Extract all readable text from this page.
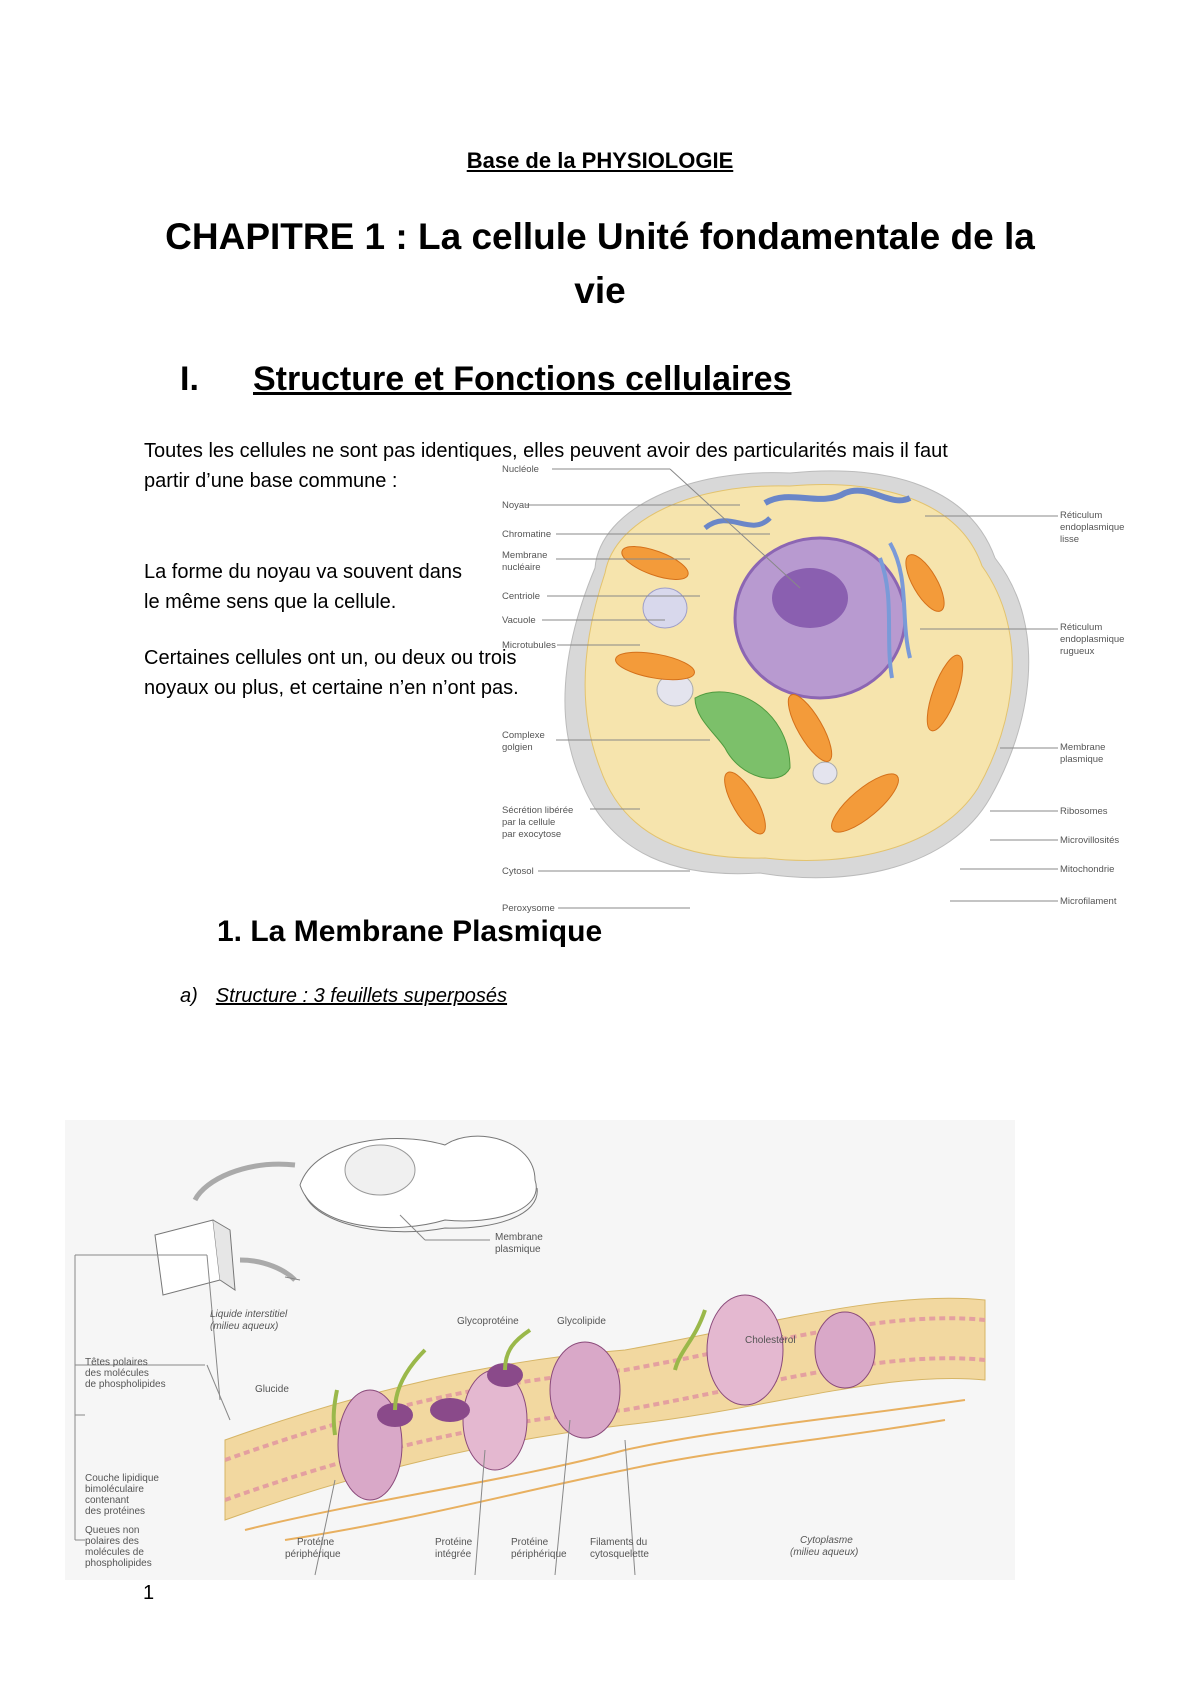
Base de la PHYSIOLOGIE
CHAPITRE 1 : La cellule Unité fondamentale de la
vie
I. Structure et Fonctions cellulaires
Toutes les cellules ne sont pas identiques, elles peuvent avoir des particularités mais il faut
partir d’une base commune :
Nucléole
Noyau
Chromatine
Membrane
nucléaire
Centriole
Vacuole
Microtubules
Complexe
golgien
Sécrétion libérée
par la cellule
par exocytose
Cytosol
Peroxysome
Réticulum
endoplasmique
lisse
Réticulum
endoplasmique
rugueux
Membrane
plasmique
Ribosomes
Microvillosités
Mitochondrie
Microfilament
La forme du noyau va souvent dans
le même sens que la cellule.
Certaines cellules ont un, ou deux ou trois
noyaux ou plus, et certaine n’en n’ont pas.
1. La Membrane Plasmique
a) Structure : 3 feuillets superposés
Membrane
plasmique
Liquide interstitiel
(milieu aqueux)	Glycoprotéine	Glycolipide
Cholestérol
Têtes polaires
des molécules
de phospholipides	Glucide
Couche lipidique
bimoléculaire
contenant
des protéines
Queues non
polaires des
molécules de
phospholipides
Protéine
périphérique
Protéine
intégrée
Protéine
périphérique
Filaments du
cytosquelette
Cytoplasme
(milieu aqueux)
1
